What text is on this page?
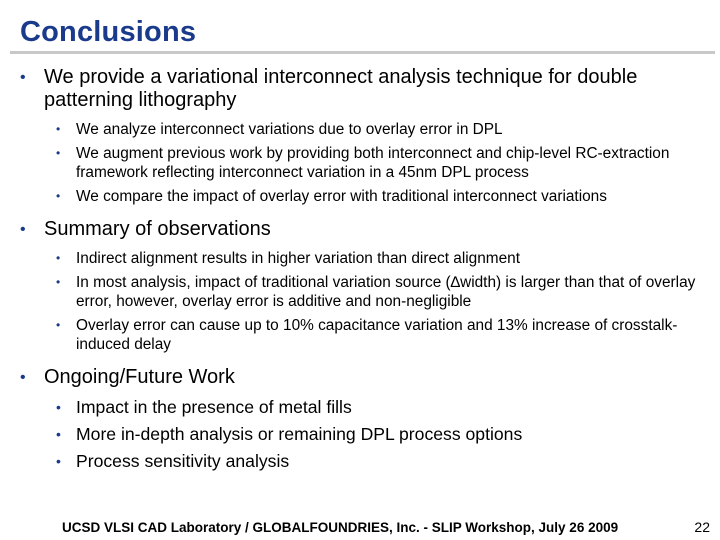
Conclusions
• We provide a variational interconnect analysis technique for double patterning lithography
• We analyze interconnect variations due to overlay error in DPL
• We augment previous work by providing both interconnect and chip-level RC-extraction framework reflecting interconnect variation in a 45nm DPL process
• We compare the impact of overlay error with traditional interconnect variations
• Summary of observations
• Indirect alignment results in higher variation than direct alignment
• In most analysis, impact of traditional variation source (∆width) is larger than that of overlay error, however, overlay error is additive and non-negligible
• Overlay error can cause up to 10% capacitance variation and 13% increase of crosstalk-induced delay
• Ongoing/Future Work
• Impact in the presence of metal fills
• More in-depth analysis or remaining DPL process options
• Process sensitivity analysis
UCSD VLSI CAD Laboratory / GLOBALFOUNDRIES, Inc. - SLIP Workshop, July 26 2009	22
